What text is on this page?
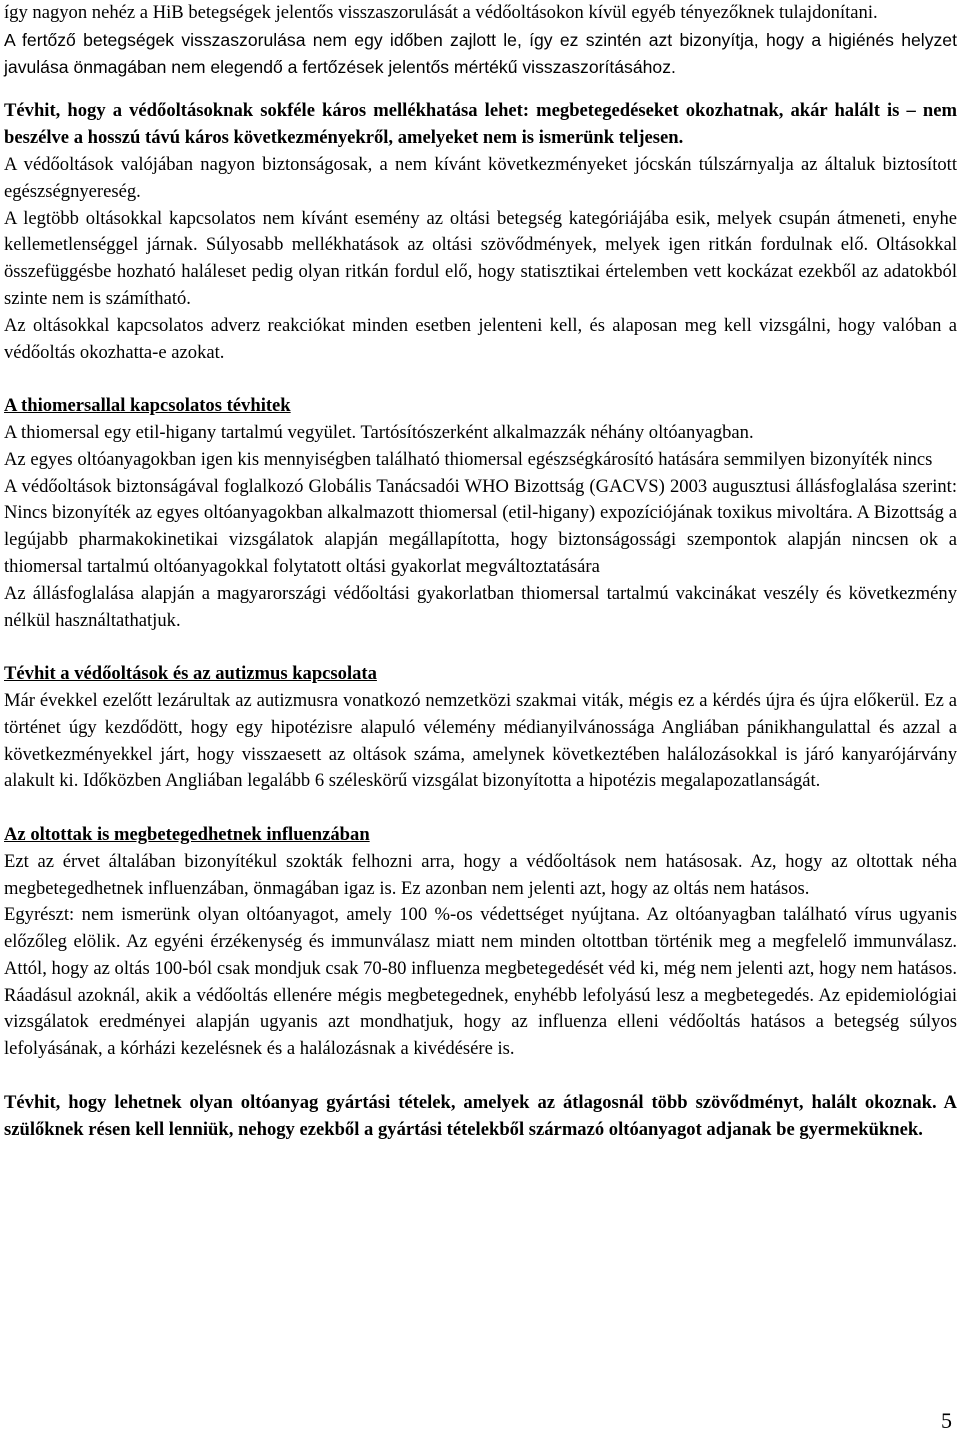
így nagyon nehéz a HiB betegségek jelentős visszaszorulását a védőoltásokon kívül egyéb tényezőknek tulajdonítani.

A fertőző betegségek visszaszorulása nem egy időben zajlott le, így ez szintén azt bizonyítja, hogy a higiénés helyzet javulása önmagában nem elegendő a fertőzések jelentős mértékű visszaszorításához.

Tévhit, hogy a védőoltásoknak sokféle káros mellékhatása lehet: megbetegedéseket okozhatnak, akár halált is – nem beszélve a hosszú távú káros következményekről, amelyeket nem is ismerünk teljesen.

A védőoltások valójában nagyon biztonságosak, a nem kívánt következményeket jócskán túlszárnyalja az általuk biztosított egészségnyereség.

A legtöbb oltásokkal kapcsolatos nem kívánt esemény az oltási betegség kategóriájába esik, melyek csupán átmeneti, enyhe kellemetlenséggel járnak. Súlyosabb mellékhatások az oltási szövődmények, melyek igen ritkán fordulnak elő. Oltásokkal összefüggésbe hozható haláleset pedig olyan ritkán fordul elő, hogy statisztikai értelemben vett kockázat ezekből az adatokból szinte nem is számítható.

Az oltásokkal kapcsolatos adverz reakciókat minden esetben jelenteni kell, és alaposan meg kell vizsgálni, hogy valóban a védőoltás okozhatta-e azokat.

A thiomersallal kapcsolatos tévhitek

A thiomersal egy etil-higany tartalmú vegyület. Tartósítószerként alkalmazzák néhány oltóanyagban.

Az egyes oltóanyagokban igen kis mennyiségben található thiomersal egészségkárosító hatására semmilyen bizonyíték nincs

A védőoltások biztonságával foglalkozó Globális Tanácsadói WHO Bizottság (GACVS) 2003 augusztusi állásfoglalása szerint: Nincs bizonyíték az egyes oltóanyagokban alkalmazott thiomersal (etil-higany) expozíciójának toxikus mivoltára. A Bizottság a legújabb pharmakokinetikai vizsgálatok alapján megállapította, hogy biztonságossági szempontok alapján nincsen ok a thiomersal tartalmú oltóanyagokkal folytatott oltási gyakorlat megváltoztatására

Az állásfoglalása alapján a magyarországi védőoltási gyakorlatban thiomersal tartalmú vakcinákat veszély és következmény nélkül használtathatjuk.

Tévhit a védőoltások és az autizmus kapcsolata

Már évekkel ezelőtt lezárultak az autizmusra vonatkozó nemzetközi szakmai viták, mégis ez a kérdés újra és újra előkerül. Ez a történet úgy kezdődött, hogy egy hipotézisre alapuló vélemény médianyilvánossága Angliában pánikhangulattal és azzal a következményekkel járt, hogy visszaesett az oltások száma, amelynek következtében halálozásokkal is járó kanyarójárvány alakult ki. Időközben Angliában legalább 6 széleskörű vizsgálat bizonyította a hipotézis megalapozatlanságát.

Az oltottak is megbetegedhetnek influenzában

Ezt az érvet általában bizonyítékul szokták felhozni arra, hogy a védőoltások nem hatásosak. Az, hogy az oltottak néha megbetegedhetnek influenzában, önmagában igaz is. Ez azonban nem jelenti azt, hogy az oltás nem hatásos.

Egyrészt: nem ismerünk olyan oltóanyagot, amely 100 %-os védettséget nyújtana. Az oltóanyagban található vírus ugyanis előzőleg elölik. Az egyéni érzékenység és immunválasz miatt nem minden oltottban történik meg a megfelelő immunválasz. Attól, hogy az oltás 100-ból csak mondjuk csak 70-80 influenza megbetegedését véd ki, még nem jelenti azt, hogy nem hatásos. Ráadásul azoknál, akik a védőoltás ellenére mégis megbetegednek, enyhébb lefolyású lesz a megbetegedés. Az epidemiológiai vizsgálatok eredményei alapján ugyanis azt mondhatjuk, hogy az influenza elleni védőoltás hatásos a betegség súlyos lefolyásának, a kórházi kezelésnek és a halálozásnak a kivédésére is.

Tévhit, hogy lehetnek olyan oltóanyag gyártási tételek, amelyek az átlagosnál több szövődményt, halált okoznak. A szülőknek résen kell lenniük, nehogy ezekből a gyártási tételekből származó oltóanyagot adjanak be gyermeküknek.

5
